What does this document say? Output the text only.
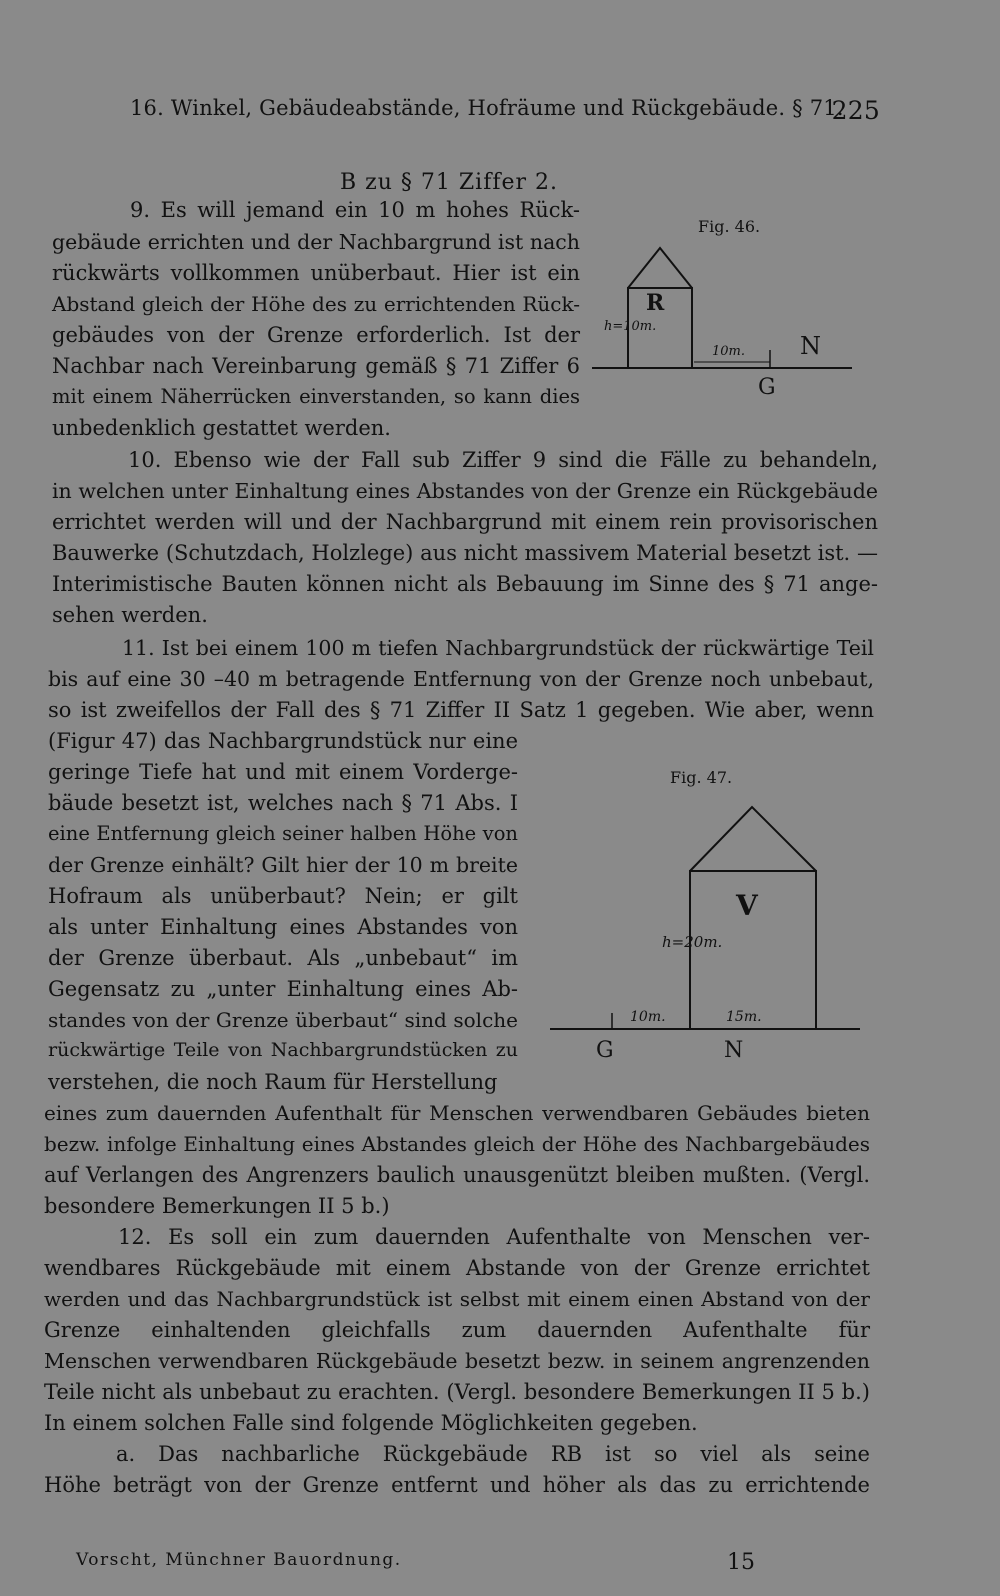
16. Winkel, Gebäudeabstände, Hofräume und Rückgebäude. § 71.
225
B zu § 71 Ziffer 2.
9. Es will jemand ein 10 m hohes Rück-
gebäude errichten und der Nachbargrund ist nach
rückwärts vollkommen unüberbaut. Hier ist ein
Abstand gleich der Höhe des zu errichtenden Rück-
gebäudes von der Grenze erforderlich. Ist der
Nachbar nach Vereinbarung gemäß § 71 Ziffer 6
mit einem Näherrücken einverstanden, so kann dies
unbedenklich gestattet werden.
10. Ebenso wie der Fall sub Ziffer 9 sind die Fälle zu behandeln,
in welchen unter Einhaltung eines Abstandes von der Grenze ein Rückgebäude
errichtet werden will und der Nachbargrund mit einem rein provisorischen
Bauwerke (Schutzdach, Holzlege) aus nicht massivem Material besetzt ist. —
Interimistische Bauten können nicht als Bebauung im Sinne des § 71 ange-
sehen werden.
11. Ist bei einem 100 m tiefen Nachbargrundstück der rückwärtige Teil
bis auf eine 30 –40 m betragende Entfernung von der Grenze noch unbebaut,
so ist zweifellos der Fall des § 71 Ziffer II Satz 1 gegeben. Wie aber, wenn
(Figur 47) das Nachbargrundstück nur eine
geringe Tiefe hat und mit einem Vorderge-
bäude besetzt ist, welches nach § 71 Abs. I
eine Entfernung gleich seiner halben Höhe von
der Grenze einhält? Gilt hier der 10 m breite
Hofraum als unüberbaut? Nein; er gilt
als unter Einhaltung eines Abstandes von
der Grenze überbaut. Als „unbebaut“ im
Gegensatz zu „unter Einhaltung eines Ab-
standes von der Grenze überbaut“ sind solche
rückwärtige Teile von Nachbargrundstücken zu
verstehen, die noch Raum für Herstellung
eines zum dauernden Aufenthalt für Menschen verwendbaren Gebäudes bieten
bezw. infolge Einhaltung eines Abstandes gleich der Höhe des Nachbargebäudes
auf Verlangen des Angrenzers baulich unausgenützt bleiben mußten. (Vergl.
besondere Bemerkungen II 5 b.)
12. Es soll ein zum dauernden Aufenthalte von Menschen ver-
wendbares Rückgebäude mit einem Abstande von der Grenze errichtet
werden und das Nachbargrundstück ist selbst mit einem einen Abstand von der
Grenze einhaltenden gleichfalls zum dauernden Aufenthalte für
Menschen verwendbaren Rückgebäude besetzt bezw. in seinem angrenzenden
Teile nicht als unbebaut zu erachten. (Vergl. besondere Bemerkungen II 5 b.)
In einem solchen Falle sind folgende Möglichkeiten gegeben.
a. Das nachbarliche Rückgebäude RB ist so viel als seine
Höhe beträgt von der Grenze entfernt und höher als das zu errichtende
Fig. 46.
R
h=10m.
10m. N
G
Fig. 47.
V
h=20m.
10m.	15m.
G	N
Vorscht, Münchner Bauordnung.	15
